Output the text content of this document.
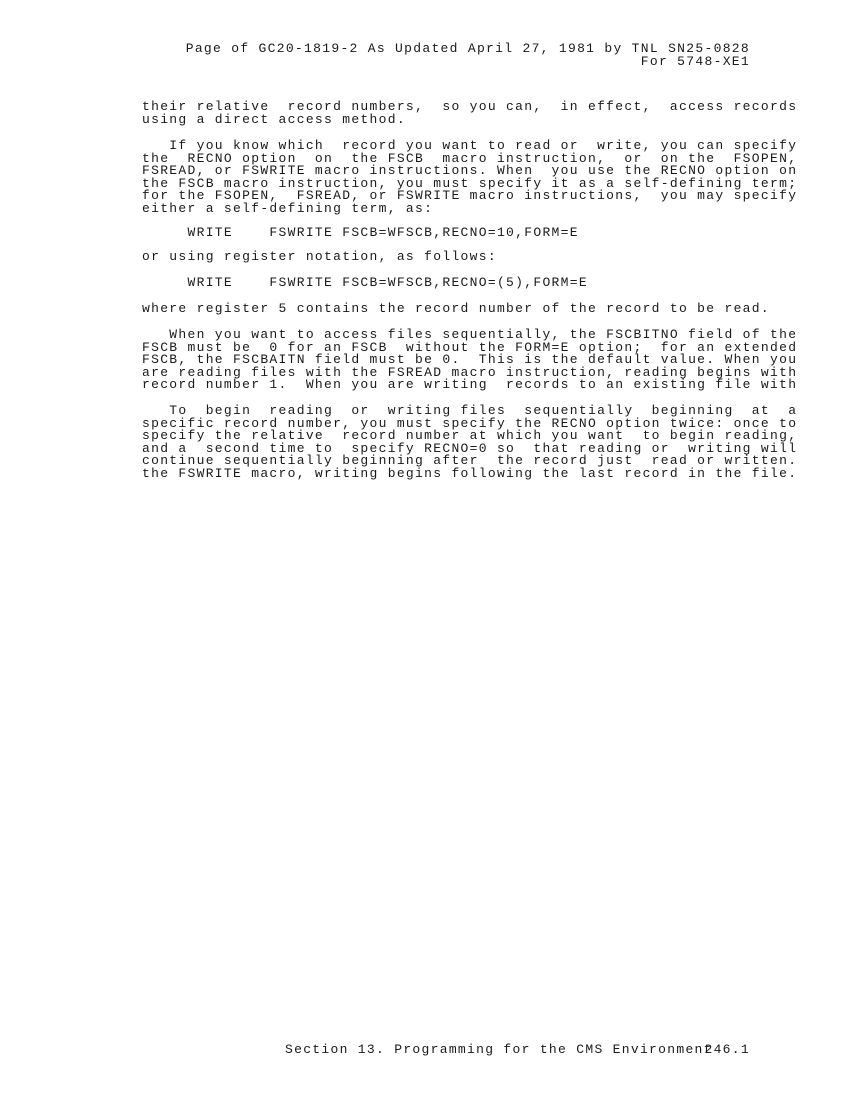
Page of GC20-1819-2 As Updated April 27, 1981 by TNL SN25-0828
For 5748-XE1
their relative  record numbers,  so you can,  in effect,  access records
using a direct access method.
If you know which  record you want to read or  write, you can specify
the  RECNO option  on  the FSCB  macro instruction,  or  on the  FSOPEN,
FSREAD, or FSWRITE macro instructions. When  you use the RECNO option on
the FSCB macro instruction, you must specify it as a self-defining term;
for the FSOPEN,  FSREAD, or FSWRITE macro instructions,  you may specify
either a self-defining term, as:
WRITE    FSWRITE FSCB=WFSCB,RECNO=10,FORM=E
or using register notation, as follows:
WRITE    FSWRITE FSCB=WFSCB,RECNO=(5),FORM=E
where register 5 contains the record number of the record to be read.
When you want to access files sequentially, the FSCBITNO field of the
FSCB must be  0 for an FSCB  without the FORM=E option;  for an extended
FSCB, the FSCBAITN field must be 0.  This is the default value. When you
are reading files with the FSREAD macro instruction, reading begins with
record number 1.  When you are writing  records to an existing file with
To  begin  reading  or  writing files  sequentially  beginning  at  a
specific record number, you must specify the RECNO option twice: once to
specify the relative  record number at which you want  to begin reading,
and a  second time to  specify RECNO=0 so  that reading or  writing will
continue sequentially beginning after  the record just  read or written.
the FSWRITE macro, writing begins following the last record in the file.
Section 13. Programming for the CMS Environment
246.1
